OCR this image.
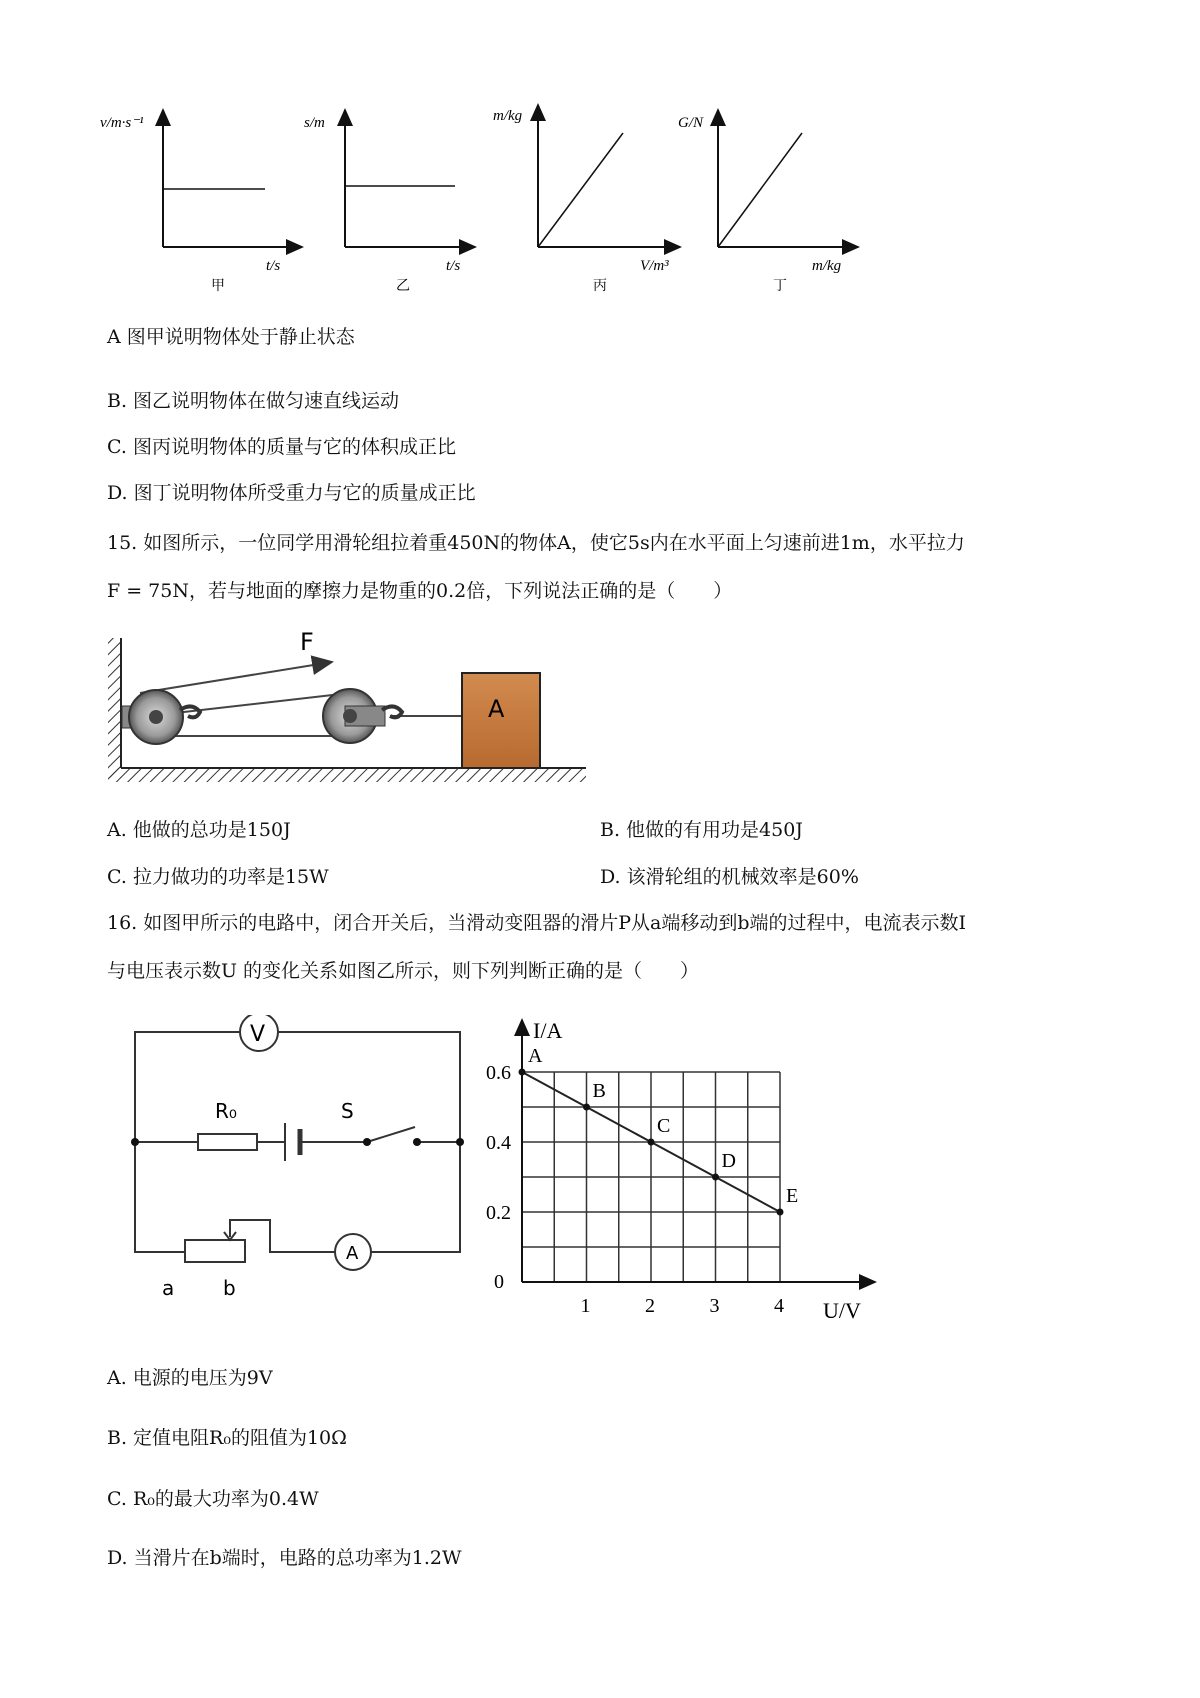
v/m·s⁻¹
t/s
甲
s/m
t/s
乙
m/kg
V/m³
丙
G/N
m/kg
丁
A 图甲说明物体处于静止状态
B. 图乙说明物体在做匀速直线运动
C. 图丙说明物体的质量与它的体积成正比
D. 图丁说明物体所受重力与它的质量成正比
15. 如图所示，一位同学用滑轮组拉着重450N的物体A，使它5s内在水平面上匀速前进1m，水平拉力
F = 75N，若与地面的摩擦力是物重的0.2倍，下列说法正确的是（　　）
F
A
A. 他做的总功是150J	B. 他做的有用功是450J
C. 拉力做功的功率是15W	D. 该滑轮组的机械效率是60%
16. 如图甲所示的电路中，闭合开关后，当滑动变阻器的滑片P从a端移动到b端的过程中，电流表示数I
与电压表示数U 的变化关系如图乙所示，则下列判断正确的是（　　）
V
R₀	S
a b
A
U/V
I/A
0
1	2	3	4
0.2
0.4
0.6
A
B
C
D
E
A. 电源的电压为9V
B. 定值电阻R₀的阻值为10Ω
C. R₀的最大功率为0.4W
D. 当滑片在b端时，电路的总功率为1.2W
